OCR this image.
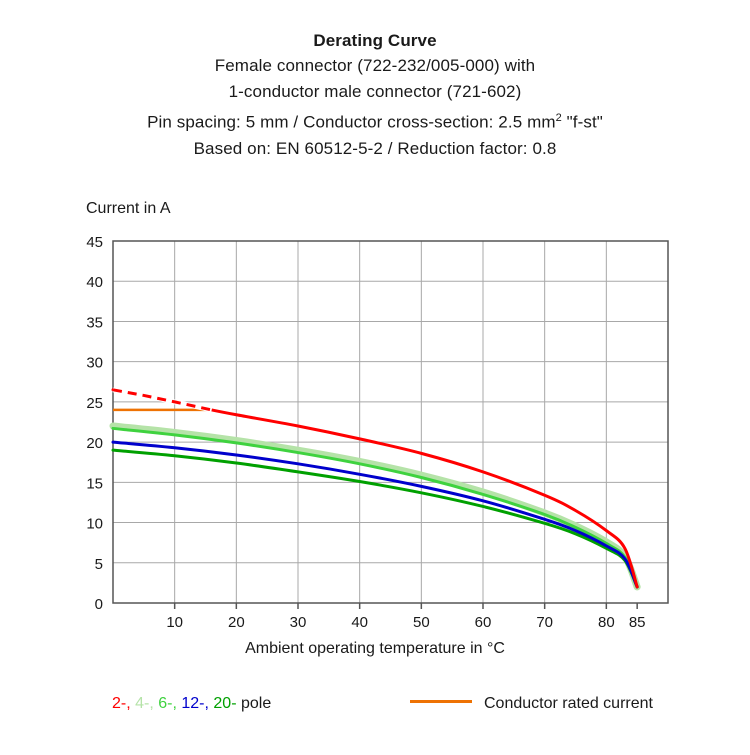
Derating Curve
Female connector (722-232/005-000) with
1-conductor male connector (721-602)
Pin spacing: 5 mm / Conductor cross-section: 2.5 $mm^2$ "f-st"
Based on: EN 60512-5-2 / Reduction factor: 0.8
Current in A
0
5
10
15
20
25
30
35
40
45
10	20	30	40	50	60	70	80 85
Ambient operating temperature in °C
2-, 4-, 6-, 12-, 20- pole	Conductor rated current
